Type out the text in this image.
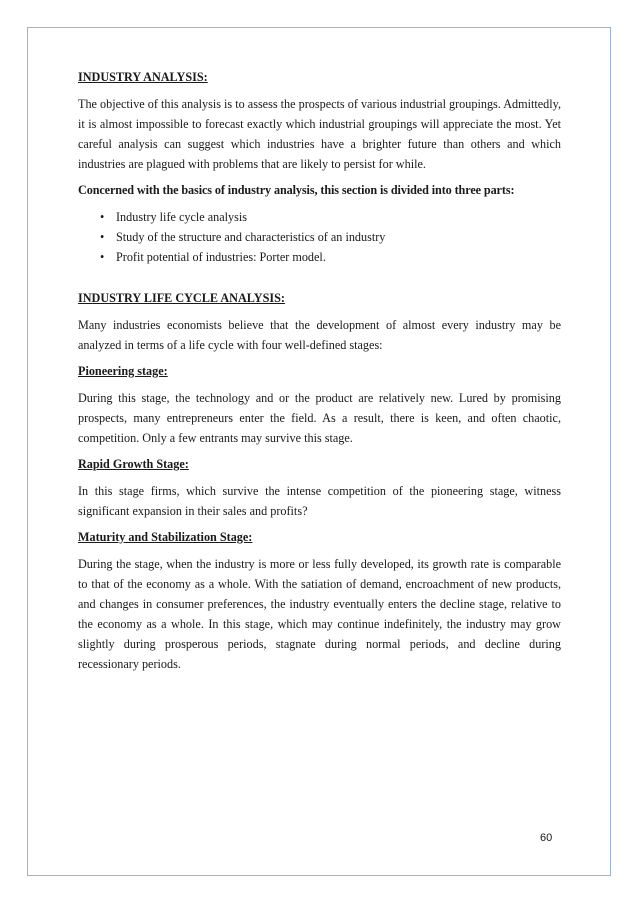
INDUSTRY ANALYSIS:
The objective of this analysis is to assess the prospects of various industrial groupings. Admittedly, it is almost impossible to forecast exactly which industrial groupings will appreciate the most. Yet careful analysis can suggest which industries have a brighter future than others and which industries are plagued with problems that are likely to persist for while.
Concerned with the basics of industry analysis, this section is divided into three parts:
• Industry life cycle analysis
• Study of the structure and characteristics of an industry
• Profit potential of industries: Porter model.
INDUSTRY LIFE CYCLE ANALYSIS:
Many industries economists believe that the development of almost every industry may be analyzed in terms of a life cycle with four well-defined stages:
Pioneering stage:
During this stage, the technology and or the product are relatively new. Lured by promising prospects, many entrepreneurs enter the field. As a result, there is keen, and often chaotic, competition. Only a few entrants may survive this stage.
Rapid Growth Stage:
In this stage firms, which survive the intense competition of the pioneering stage, witness significant expansion in their sales and profits?
Maturity and Stabilization Stage:
During the stage, when the industry is more or less fully developed, its growth rate is comparable to that of the economy as a whole. With the satiation of demand, encroachment of new products, and changes in consumer preferences, the industry eventually enters the decline stage, relative to the economy as a whole. In this stage, which may continue indefinitely, the industry may grow slightly during prosperous periods, stagnate during normal periods, and decline during recessionary periods.
60
